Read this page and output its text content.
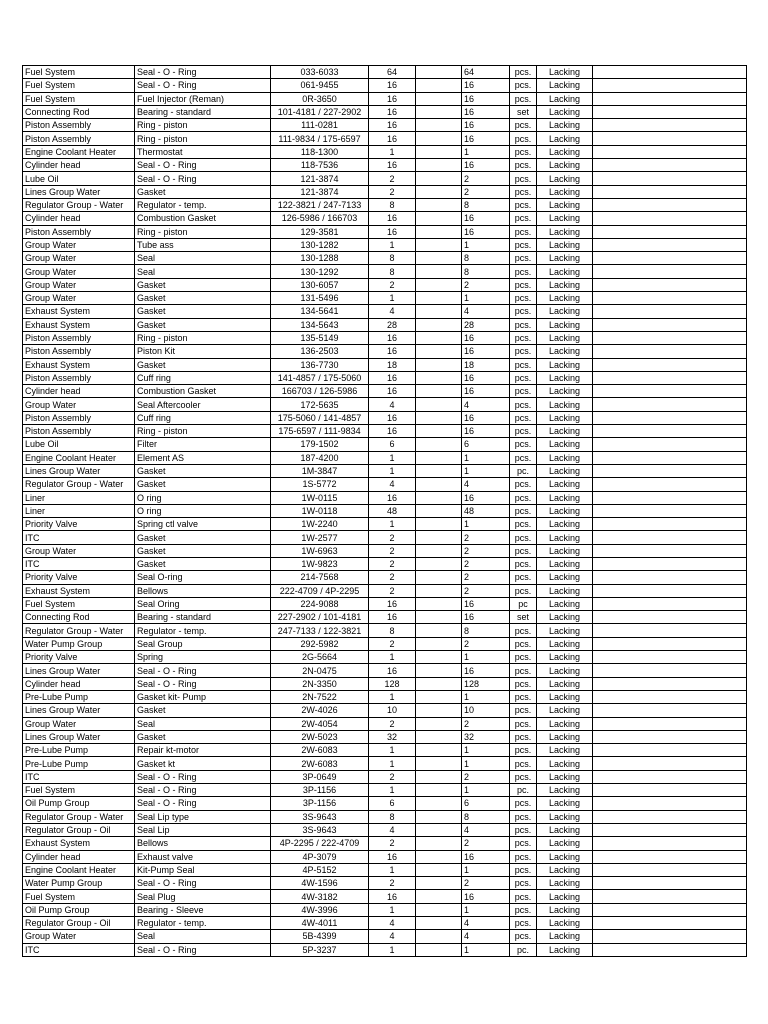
Fuel System	Seal - O - Ring	033-6033	64		64	pcs.	Lacking	
Fuel System	Seal - O - Ring	061-9455	16		16	pcs.	Lacking	
Fuel System	Fuel Injector (Reman)	0R-3650	16		16	pcs.	Lacking	
Connecting Rod	Bearing - standard	101-4181 / 227-2902	16		16	set	Lacking	
Piston Assembly	Ring - piston	111-0281	16		16	pcs.	Lacking	
Piston Assembly	Ring - piston	111-9834 / 175-6597	16		16	pcs.	Lacking	
Engine Coolant Heater	Thermostat	118-1300	1		1	pcs.	Lacking	
Cylinder head	Seal - O - Ring	118-7536	16		16	pcs.	Lacking	
Lube Oil	Seal - O - Ring	121-3874	2		2	pcs.	Lacking	
Lines Group Water	Gasket	121-3874	2		2	pcs.	Lacking	
Regulator Group - Water	Regulator - temp.	122-3821 / 247-7133	8		8	pcs.	Lacking	
Cylinder head	Combustion Gasket	126-5986 / 166703	16		16	pcs.	Lacking	
Piston Assembly	Ring - piston	129-3581	16		16	pcs.	Lacking	
Group Water	Tube ass	130-1282	1		1	pcs.	Lacking	
Group Water	Seal	130-1288	8		8	pcs.	Lacking	
Group Water	Seal	130-1292	8		8	pcs.	Lacking	
Group Water	Gasket	130-6057	2		2	pcs.	Lacking	
Group Water	Gasket	131-5496	1		1	pcs.	Lacking	
Exhaust System	Gasket	134-5641	4		4	pcs.	Lacking	
Exhaust System	Gasket	134-5643	28		28	pcs.	Lacking	
Piston Assembly	Ring - piston	135-5149	16		16	pcs.	Lacking	
Piston Assembly	Piston Kit	136-2503	16		16	pcs.	Lacking	
Exhaust System	Gasket	136-7730	18		18	pcs.	Lacking	
Piston Assembly	Cuff ring	141-4857 / 175-5060	16		16	pcs.	Lacking	
Cylinder head	Combustion Gasket	166703 / 126-5986	16		16	pcs.	Lacking	
Group Water	Seal Aftercooler	172-5635	4		4	pcs.	Lacking	
Piston Assembly	Cuff ring	175-5060 / 141-4857	16		16	pcs.	Lacking	
Piston Assembly	Ring - piston	175-6597 / 111-9834	16		16	pcs.	Lacking	
Lube Oil	Filter	179-1502	6		6	pcs.	Lacking	
Engine Coolant Heater	Element AS	187-4200	1		1	pcs.	Lacking	
Lines Group Water	Gasket	1M-3847	1		1	pc.	Lacking	
Regulator Group - Water	Gasket	1S-5772	4		4	pcs.	Lacking	
Liner	O ring	1W-0115	16		16	pcs.	Lacking	
Liner	O ring	1W-0118	48		48	pcs.	Lacking	
Priority Valve	Spring ctl valve	1W-2240	1		1	pcs.	Lacking	
ITC	Gasket	1W-2577	2		2	pcs.	Lacking	
Group Water	Gasket	1W-6963	2		2	pcs.	Lacking	
ITC	Gasket	1W-9823	2		2	pcs.	Lacking	
Priority Valve	Seal O-ring	214-7568	2		2	pcs.	Lacking	
Exhaust System	Bellows	222-4709 / 4P-2295	2		2	pcs.	Lacking	
Fuel System	Seal Oring	224-9088	16		16	pc	Lacking	
Connecting Rod	Bearing - standard	227-2902 / 101-4181	16		16	set	Lacking	
Regulator Group - Water	Regulator - temp.	247-7133 / 122-3821	8		8	pcs.	Lacking	
Water Pump Group	Seal Group	292-5982	2		2	pcs.	Lacking	
Priority Valve	Spring	2G-5664	1		1	pcs.	Lacking	
Lines Group Water	Seal - O - Ring	2N-0475	16		16	pcs.	Lacking	
Cylinder head	Seal - O - Ring	2N-3350	128		128	pcs.	Lacking	
Pre-Lube Pump	Gasket kit- Pump	2N-7522	1		1	pcs.	Lacking	
Lines Group Water	Gasket	2W-4026	10		10	pcs.	Lacking	
Group Water	Seal	2W-4054	2		2	pcs.	Lacking	
Lines Group Water	Gasket	2W-5023	32		32	pcs.	Lacking	
Pre-Lube Pump	Repair kt-motor	2W-6083	1		1	pcs.	Lacking	
Pre-Lube Pump	Gasket kt	2W-6083	1		1	pcs.	Lacking	
ITC	Seal - O - Ring	3P-0649	2		2	pcs.	Lacking	
Fuel System	Seal - O - Ring	3P-1156	1		1	pc.	Lacking	
Oil Pump Group	Seal - O - Ring	3P-1156	6		6	pcs.	Lacking	
Regulator Group - Water	Seal Lip type	3S-9643	8		8	pcs.	Lacking	
Regulator Group - Oil	Seal Lip	3S-9643	4		4	pcs.	Lacking	
Exhaust System	Bellows	4P-2295 / 222-4709	2		2	pcs.	Lacking	
Cylinder head	Exhaust valve	4P-3079	16		16	pcs.	Lacking	
Engine Coolant Heater	Kit-Pump Seal	4P-5152	1		1	pcs.	Lacking	
Water Pump Group	Seal - O - Ring	4W-1596	2		2	pcs.	Lacking	
Fuel System	Seal Plug	4W-3182	16		16	pcs.	Lacking	
Oil Pump Group	Bearing - Sleeve	4W-3996	1		1	pcs.	Lacking	
Regulator Group - Oil	Regulator - temp.	4W-4011	4		4	pcs.	Lacking	
Group Water	Seal	5B-4399	4		4	pcs.	Lacking	
ITC	Seal - O - Ring	5P-3237	1		1	pc.	Lacking	
